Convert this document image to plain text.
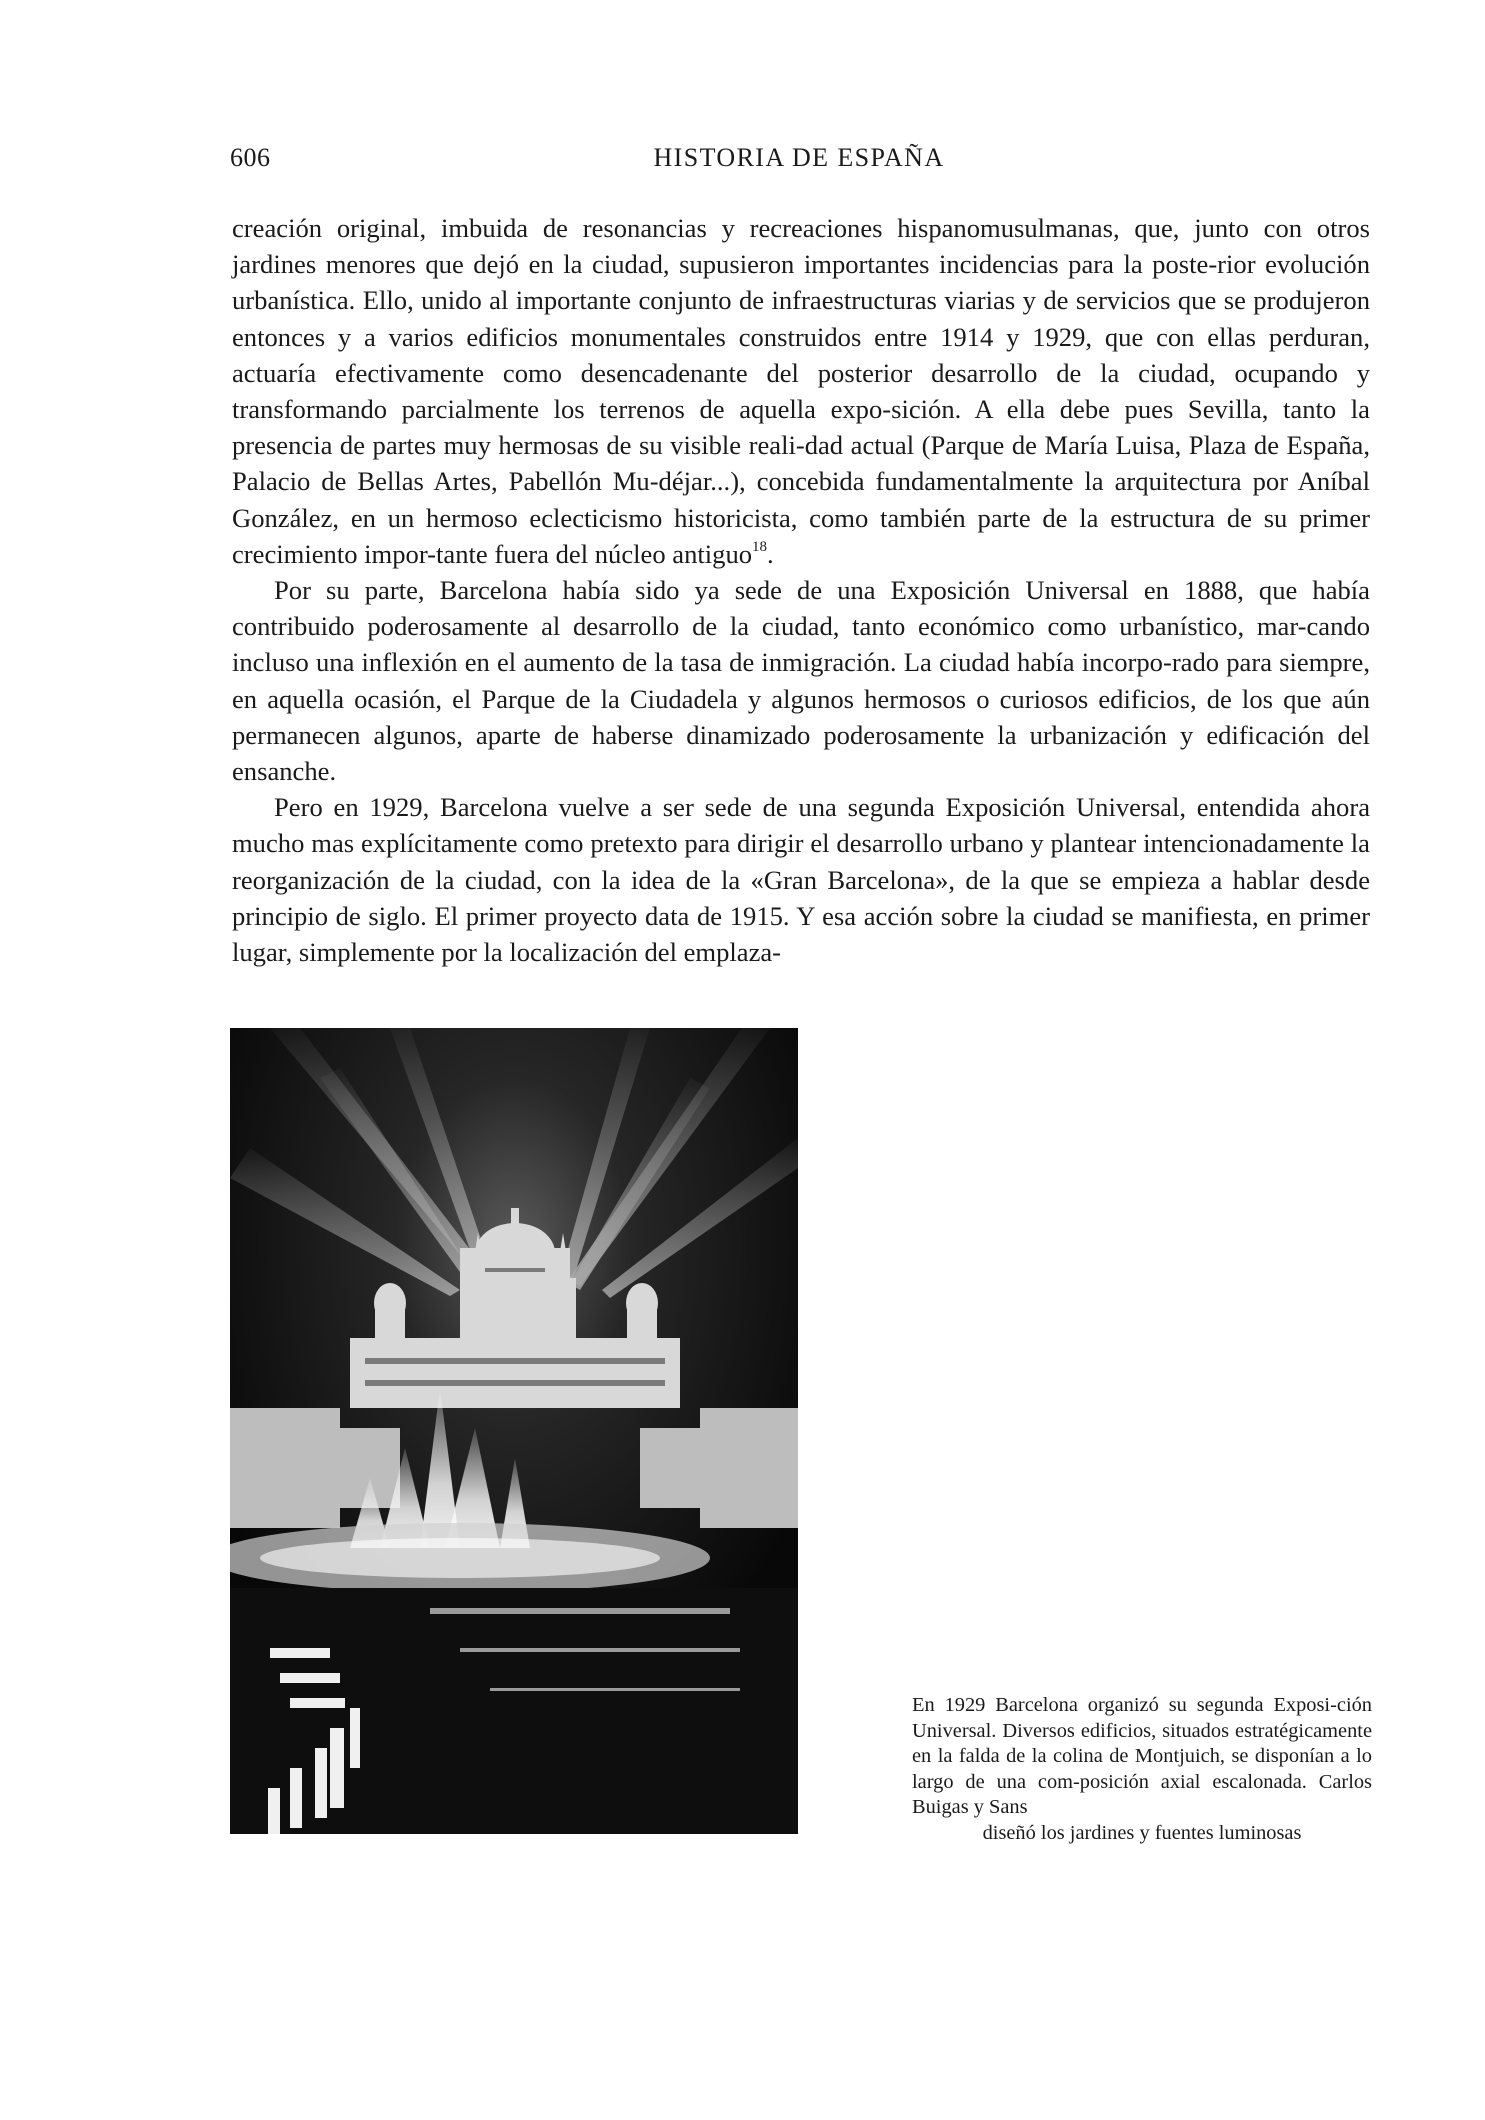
606	HISTORIA DE ESPAÑA

creación original, imbuida de resonancias y recreaciones hispanomusulmanas, que, junto con otros jardines menores que dejó en la ciudad, supusieron importantes incidencias para la poste-rior evolución urbanística. Ello, unido al importante conjunto de infraestructuras viarias y de servicios que se produjeron entonces y a varios edificios monumentales construidos entre 1914 y 1929, que con ellas perduran, actuaría efectivamente como desencadenante del posterior desarrollo de la ciudad, ocupando y transformando parcialmente los terrenos de aquella expo-sición. A ella debe pues Sevilla, tanto la presencia de partes muy hermosas de su visible reali-dad actual (Parque de María Luisa, Plaza de España, Palacio de Bellas Artes, Pabellón Mu-déjar...), concebida fundamentalmente la arquitectura por Aníbal González, en un hermoso eclecticismo historicista, como también parte de la estructura de su primer crecimiento impor-tante fuera del núcleo antiguo$^{18}$.

Por su parte, Barcelona había sido ya sede de una Exposición Universal en 1888, que había contribuido poderosamente al desarrollo de la ciudad, tanto económico como urbanístico, mar-cando incluso una inflexión en el aumento de la tasa de inmigración. La ciudad había incorpo-rado para siempre, en aquella ocasión, el Parque de la Ciudadela y algunos hermosos o curiosos edificios, de los que aún permanecen algunos, aparte de haberse dinamizado poderosamente la urbanización y edificación del ensanche.

Pero en 1929, Barcelona vuelve a ser sede de una segunda Exposición Universal, entendida ahora mucho mas explícitamente como pretexto para dirigir el desarrollo urbano y plantear intencionadamente la reorganización de la ciudad, con la idea de la «Gran Barcelona», de la que se empieza a hablar desde principio de siglo. El primer proyecto data de 1915. Y esa acción sobre la ciudad se manifiesta, en primer lugar, simplemente por la localización del emplaza-

En 1929 Barcelona organizó su segunda Exposi-ción Universal. Diversos edificios, situados estratégicamente en la falda de la colina de Montjuich, se disponían a lo largo de una com-posición axial escalonada. Carlos Buigas y Sans
diseñó los jardines y fuentes luminosas
